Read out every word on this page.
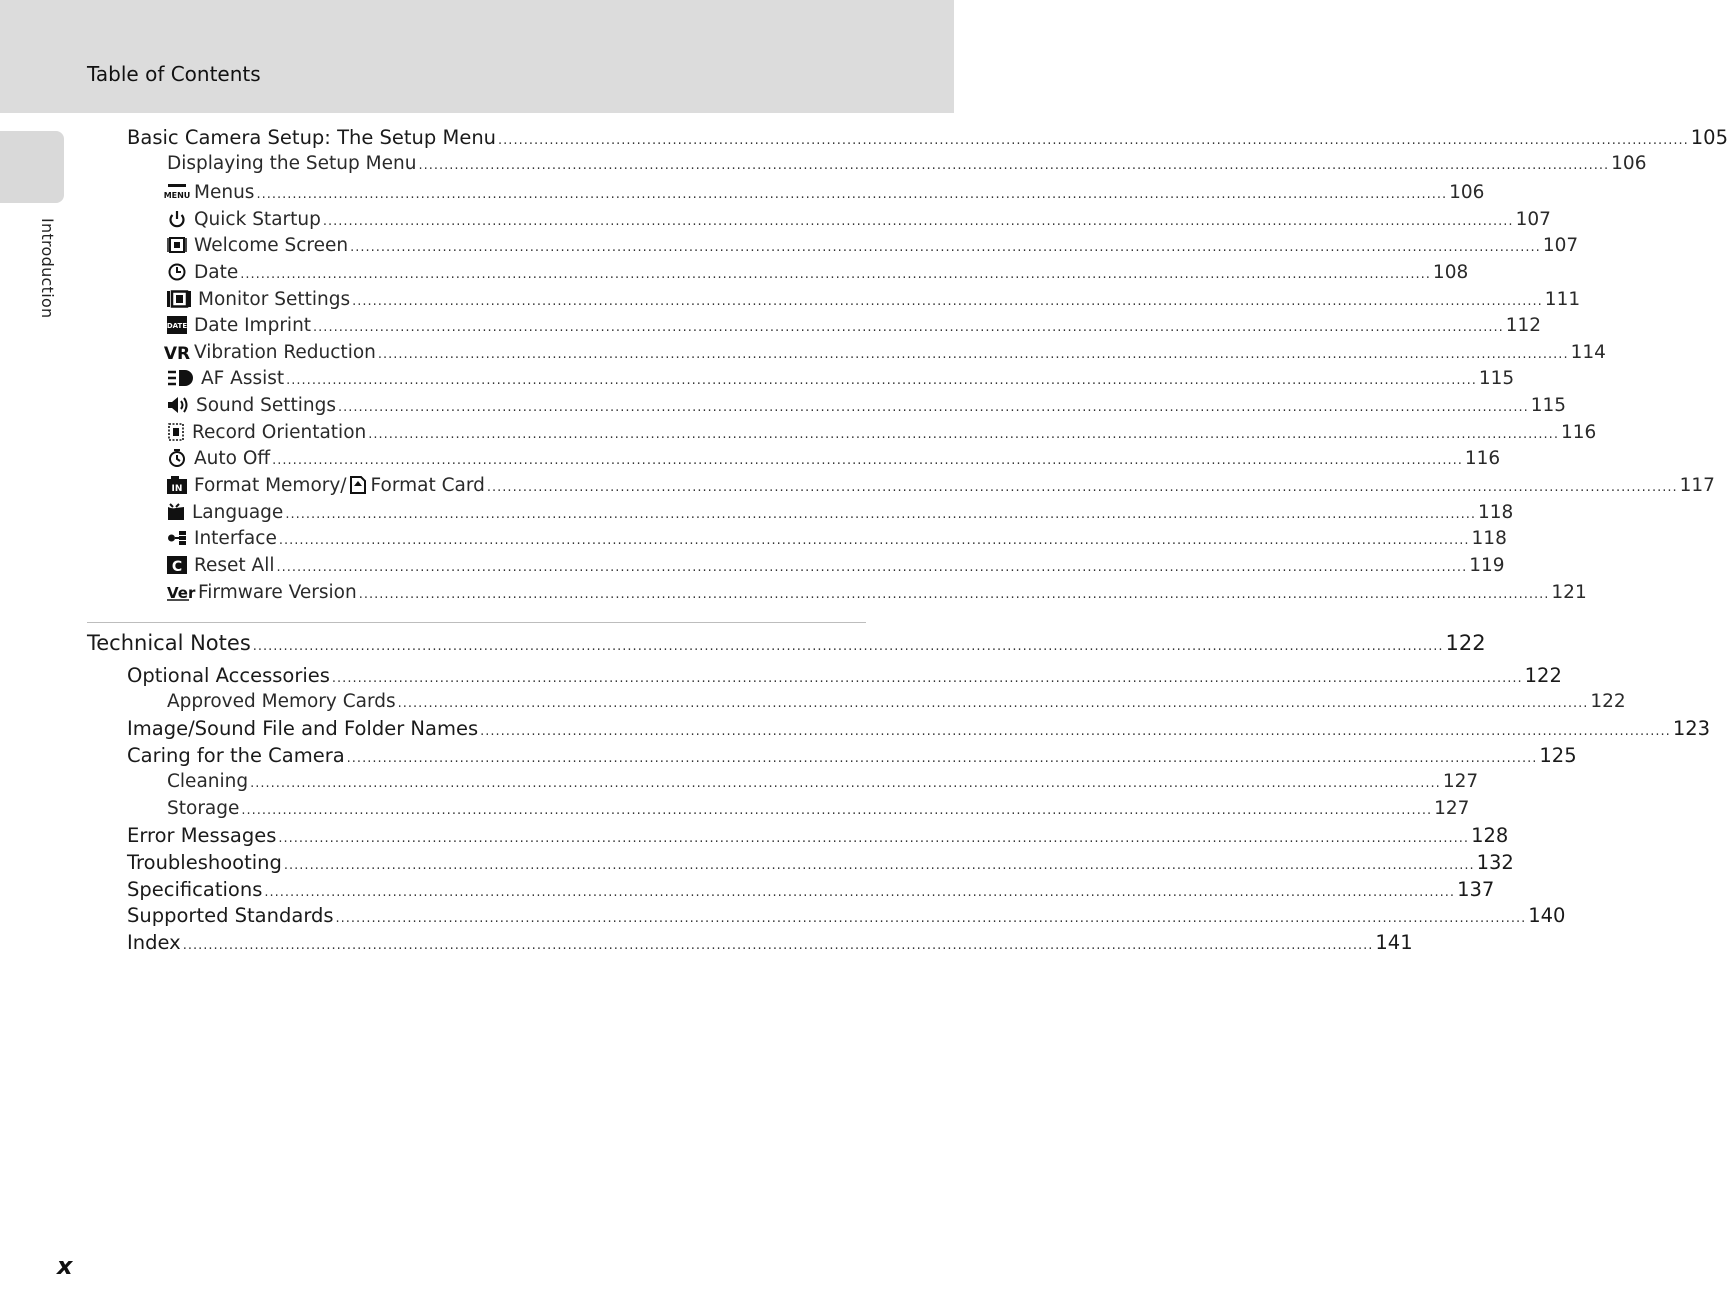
Table of Contents
Introduction
Basic Camera Setup: The Setup Menu .....	105
Displaying the Setup Menu .....	106
MENU Menus .....	106
Quick Startup .....	107
Welcome Screen .....	107
Date .....	108
Monitor Settings .....	111
DATE Date Imprint .....	112
VR Vibration Reduction .....	114
AF Assist .....	115
Sound Settings .....	115
Record Orientation .....	116
Auto Off .....	116
IN Format Memory/ Format Card .....	117
Language .....	118
Interface .....	118
C Reset All .....	119
Ver Firmware Version .....	121
Technical Notes .....	122
Optional Accessories .....	122
Approved Memory Cards .....	122
Image/Sound File and Folder Names .....	123
Caring for the Camera .....	125
Cleaning .....	127
Storage .....	127
Error Messages .....	128
Troubleshooting .....	132
Specifications .....	137
Supported Standards .....	140
Index .....	141
x
